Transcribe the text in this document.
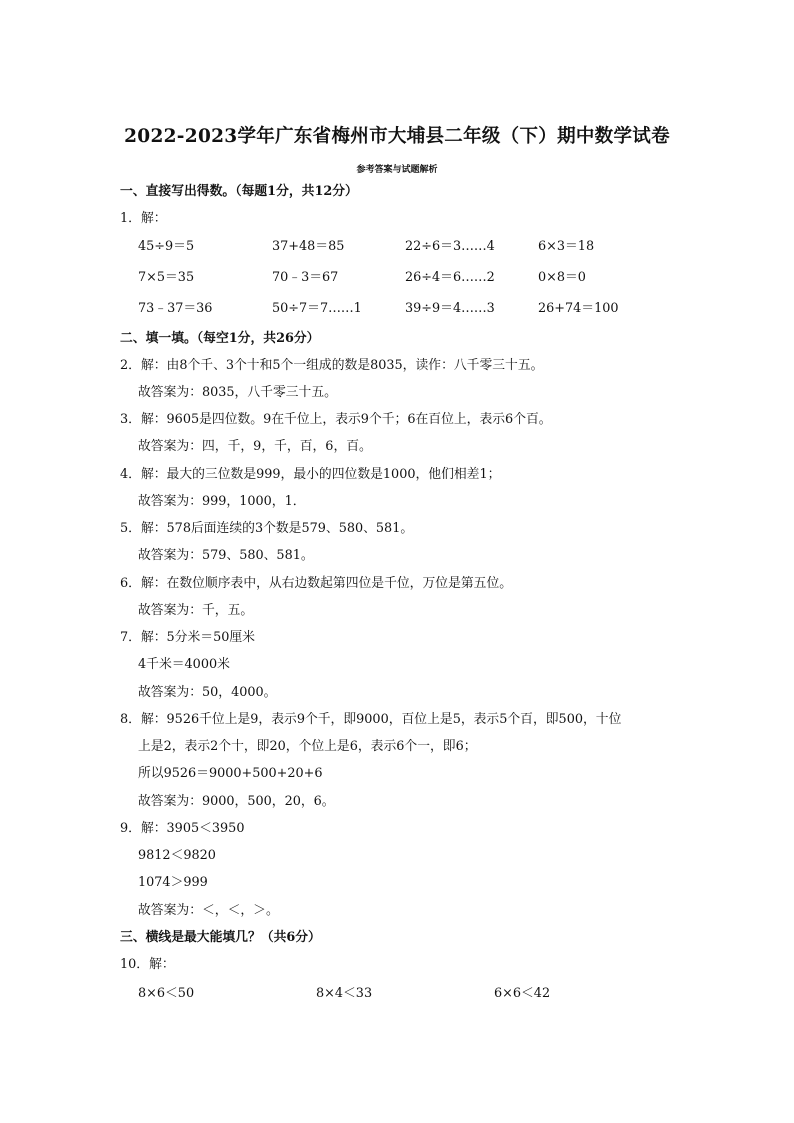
2022-2023学年广东省梅州市大埔县二年级（下）期中数学试卷
参考答案与试题解析
一、直接写出得数。（每题1分，共12分）
1．解：
45÷9＝5	37+48＝85	22÷6＝3……4	6×3＝18
7×5＝35	70﹣3＝67	26÷4＝6……2	0×8＝0
73﹣37＝36	50÷7＝7……1	39÷9＝4……3	26+74＝100
二、填一填。（每空1分，共26分）
2．解：由8个千、3个十和5个一组成的数是8035，读作：八千零三十五。
故答案为：8035，八千零三十五。
3．解：9605是四位数。9在千位上，表示9个千；6在百位上，表示6个百。
故答案为：四，千，9，千，百，6，百。
4．解：最大的三位数是999，最小的四位数是1000，他们相差1；
故答案为：999，1000，1．
5．解：578后面连续的3个数是579、580、581。
故答案为：579、580、581。
6．解：在数位顺序表中，从右边数起第四位是千位，万位是第五位。
故答案为：千，五。
7．解：5分米＝50厘米
4千米＝4000米
故答案为：50，4000。
8．解：9526千位上是9，表示9个千，即9000，百位上是5，表示5个百，即500，十位
上是2，表示2个十，即20，个位上是6，表示6个一，即6；
所以9526＝9000+500+20+6
故答案为：9000，500，20，6。
9．解：3905＜3950
9812＜9820
1074＞999
故答案为：＜，＜，＞。
三、横线是最大能填几？（共6分）
10．解：
8×6＜50	8×4＜33	6×6＜42
